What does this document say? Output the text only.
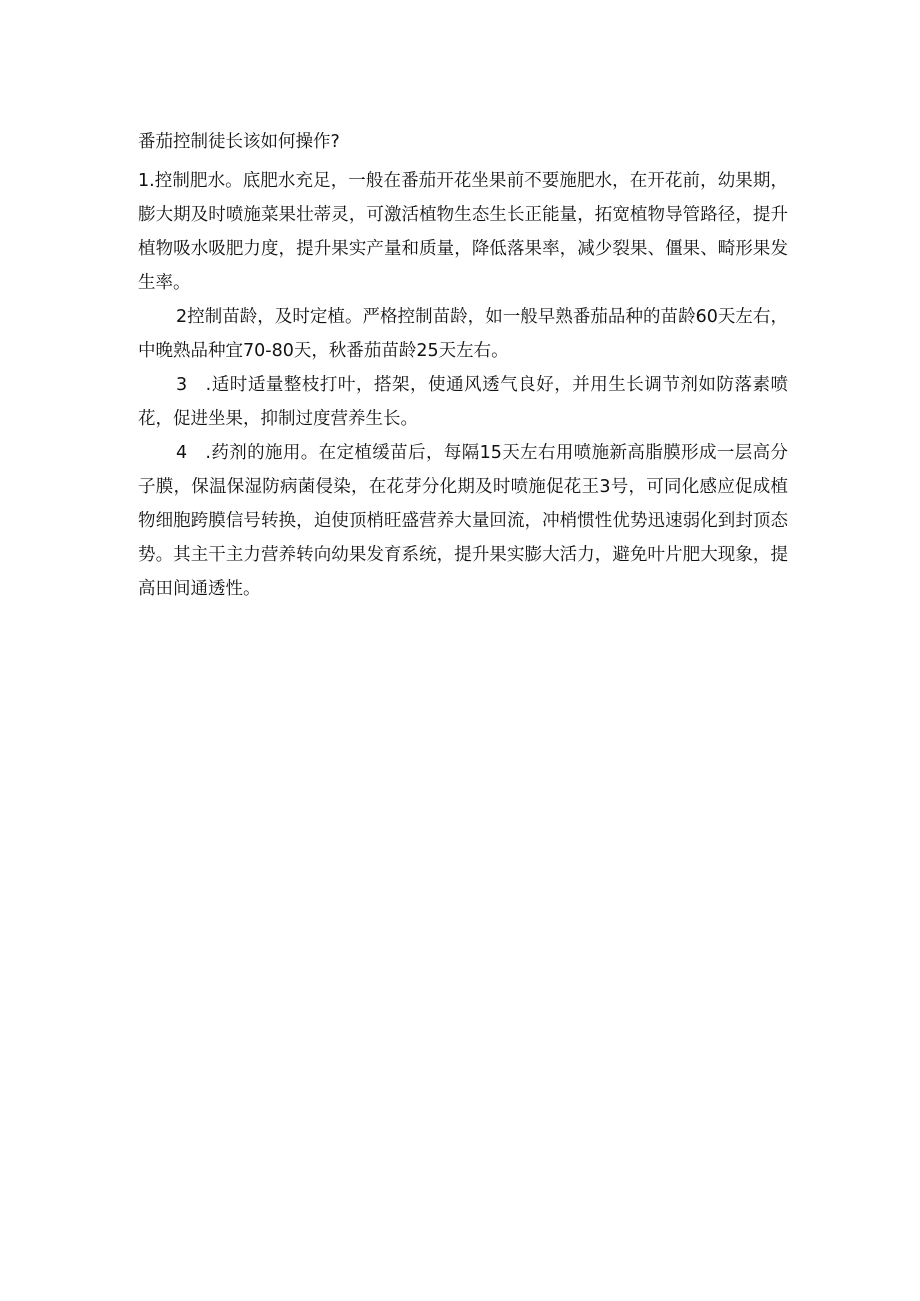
番茄控制徒长该如何操作?

1.控制肥水。底肥水充足，一般在番茄开花坐果前不要施肥水，在开花前，幼果期，膨大期及时喷施菜果壮蒂灵，可激活植物生态生长正能量，拓宽植物导管路径，提升植物吸水吸肥力度，提升果实产量和质量，降低落果率，减少裂果、僵果、畸形果发生率。

2控制苗龄，及时定植。严格控制苗龄，如一般早熟番茄品种的苗龄60天左右，中晚熟品种宜70-80天，秋番茄苗龄25天左右。

3　.适时适量整枝打叶，搭架，使通风透气良好，并用生长调节剂如防落素喷花，促进坐果，抑制过度营养生长。

4　.药剂的施用。在定植缓苗后，每隔15天左右用喷施新高脂膜形成一层高分子膜，保温保湿防病菌侵染，在花芽分化期及时喷施促花王3号，可同化感应促成植物细胞跨膜信号转换，迫使顶梢旺盛营养大量回流，冲梢惯性优势迅速弱化到封顶态势。其主干主力营养转向幼果发育系统，提升果实膨大活力，避免叶片肥大现象，提高田间通透性。
